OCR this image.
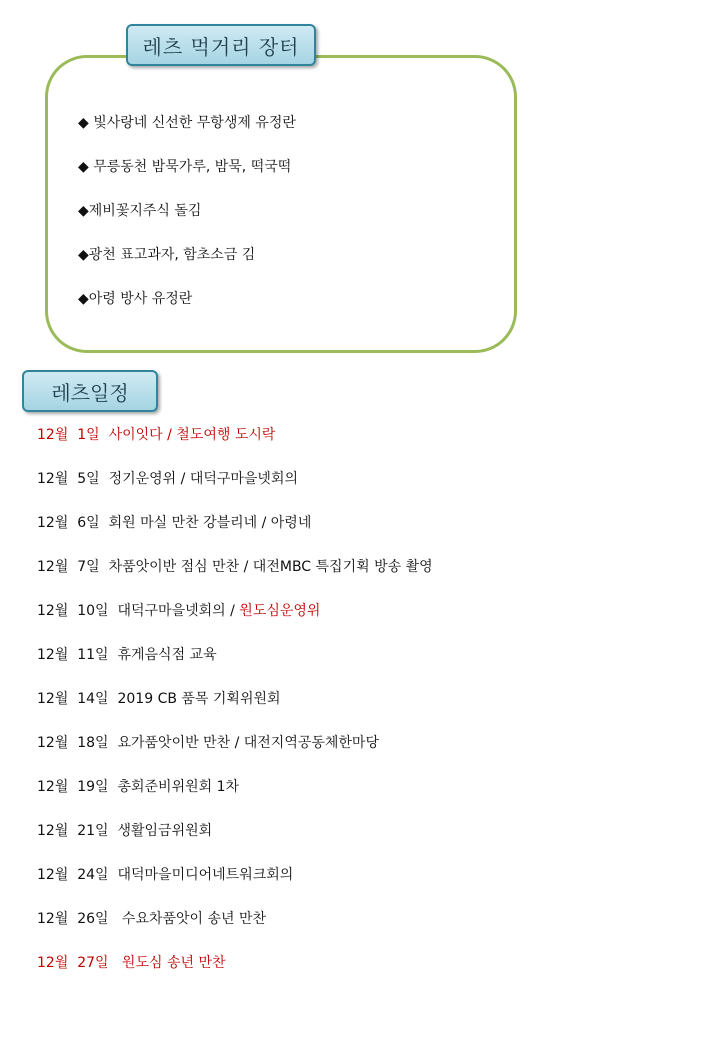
레츠 먹거리 장터
◆ 빛사랑네 신선한 무항생제 유정란
◆ 무릉동천 밤묵가루, 밤묵, 떡국떡
◆제비꽃지주식 돌김
◆광천 표고과자, 함초소금 김
◆아령 방사 유정란
레츠일정
12월  1일  사이잇다 / 철도여행 도시락
12월  5일  정기운영위 / 대덕구마을넷회의
12월  6일  회원 마실 만찬 강블리네 / 아령네
12월  7일  차품앗이반 점심 만찬 / 대전MBC 특집기획 방송 촬영
12월  10일  대덕구마을넷회의 / 원도심운영위
12월  11일  휴게음식점 교육
12월  14일  2019 CB 품목 기획위원회
12월  18일  요가품앗이반 만찬 / 대전지역공동체한마당
12월  19일  총회준비위원회 1차
12월  21일  생활임금위원회
12월  24일  대덕마을미디어네트워크회의
12월  26일   수요차품앗이 송년 만찬
12월  27일   원도심 송년 만찬
